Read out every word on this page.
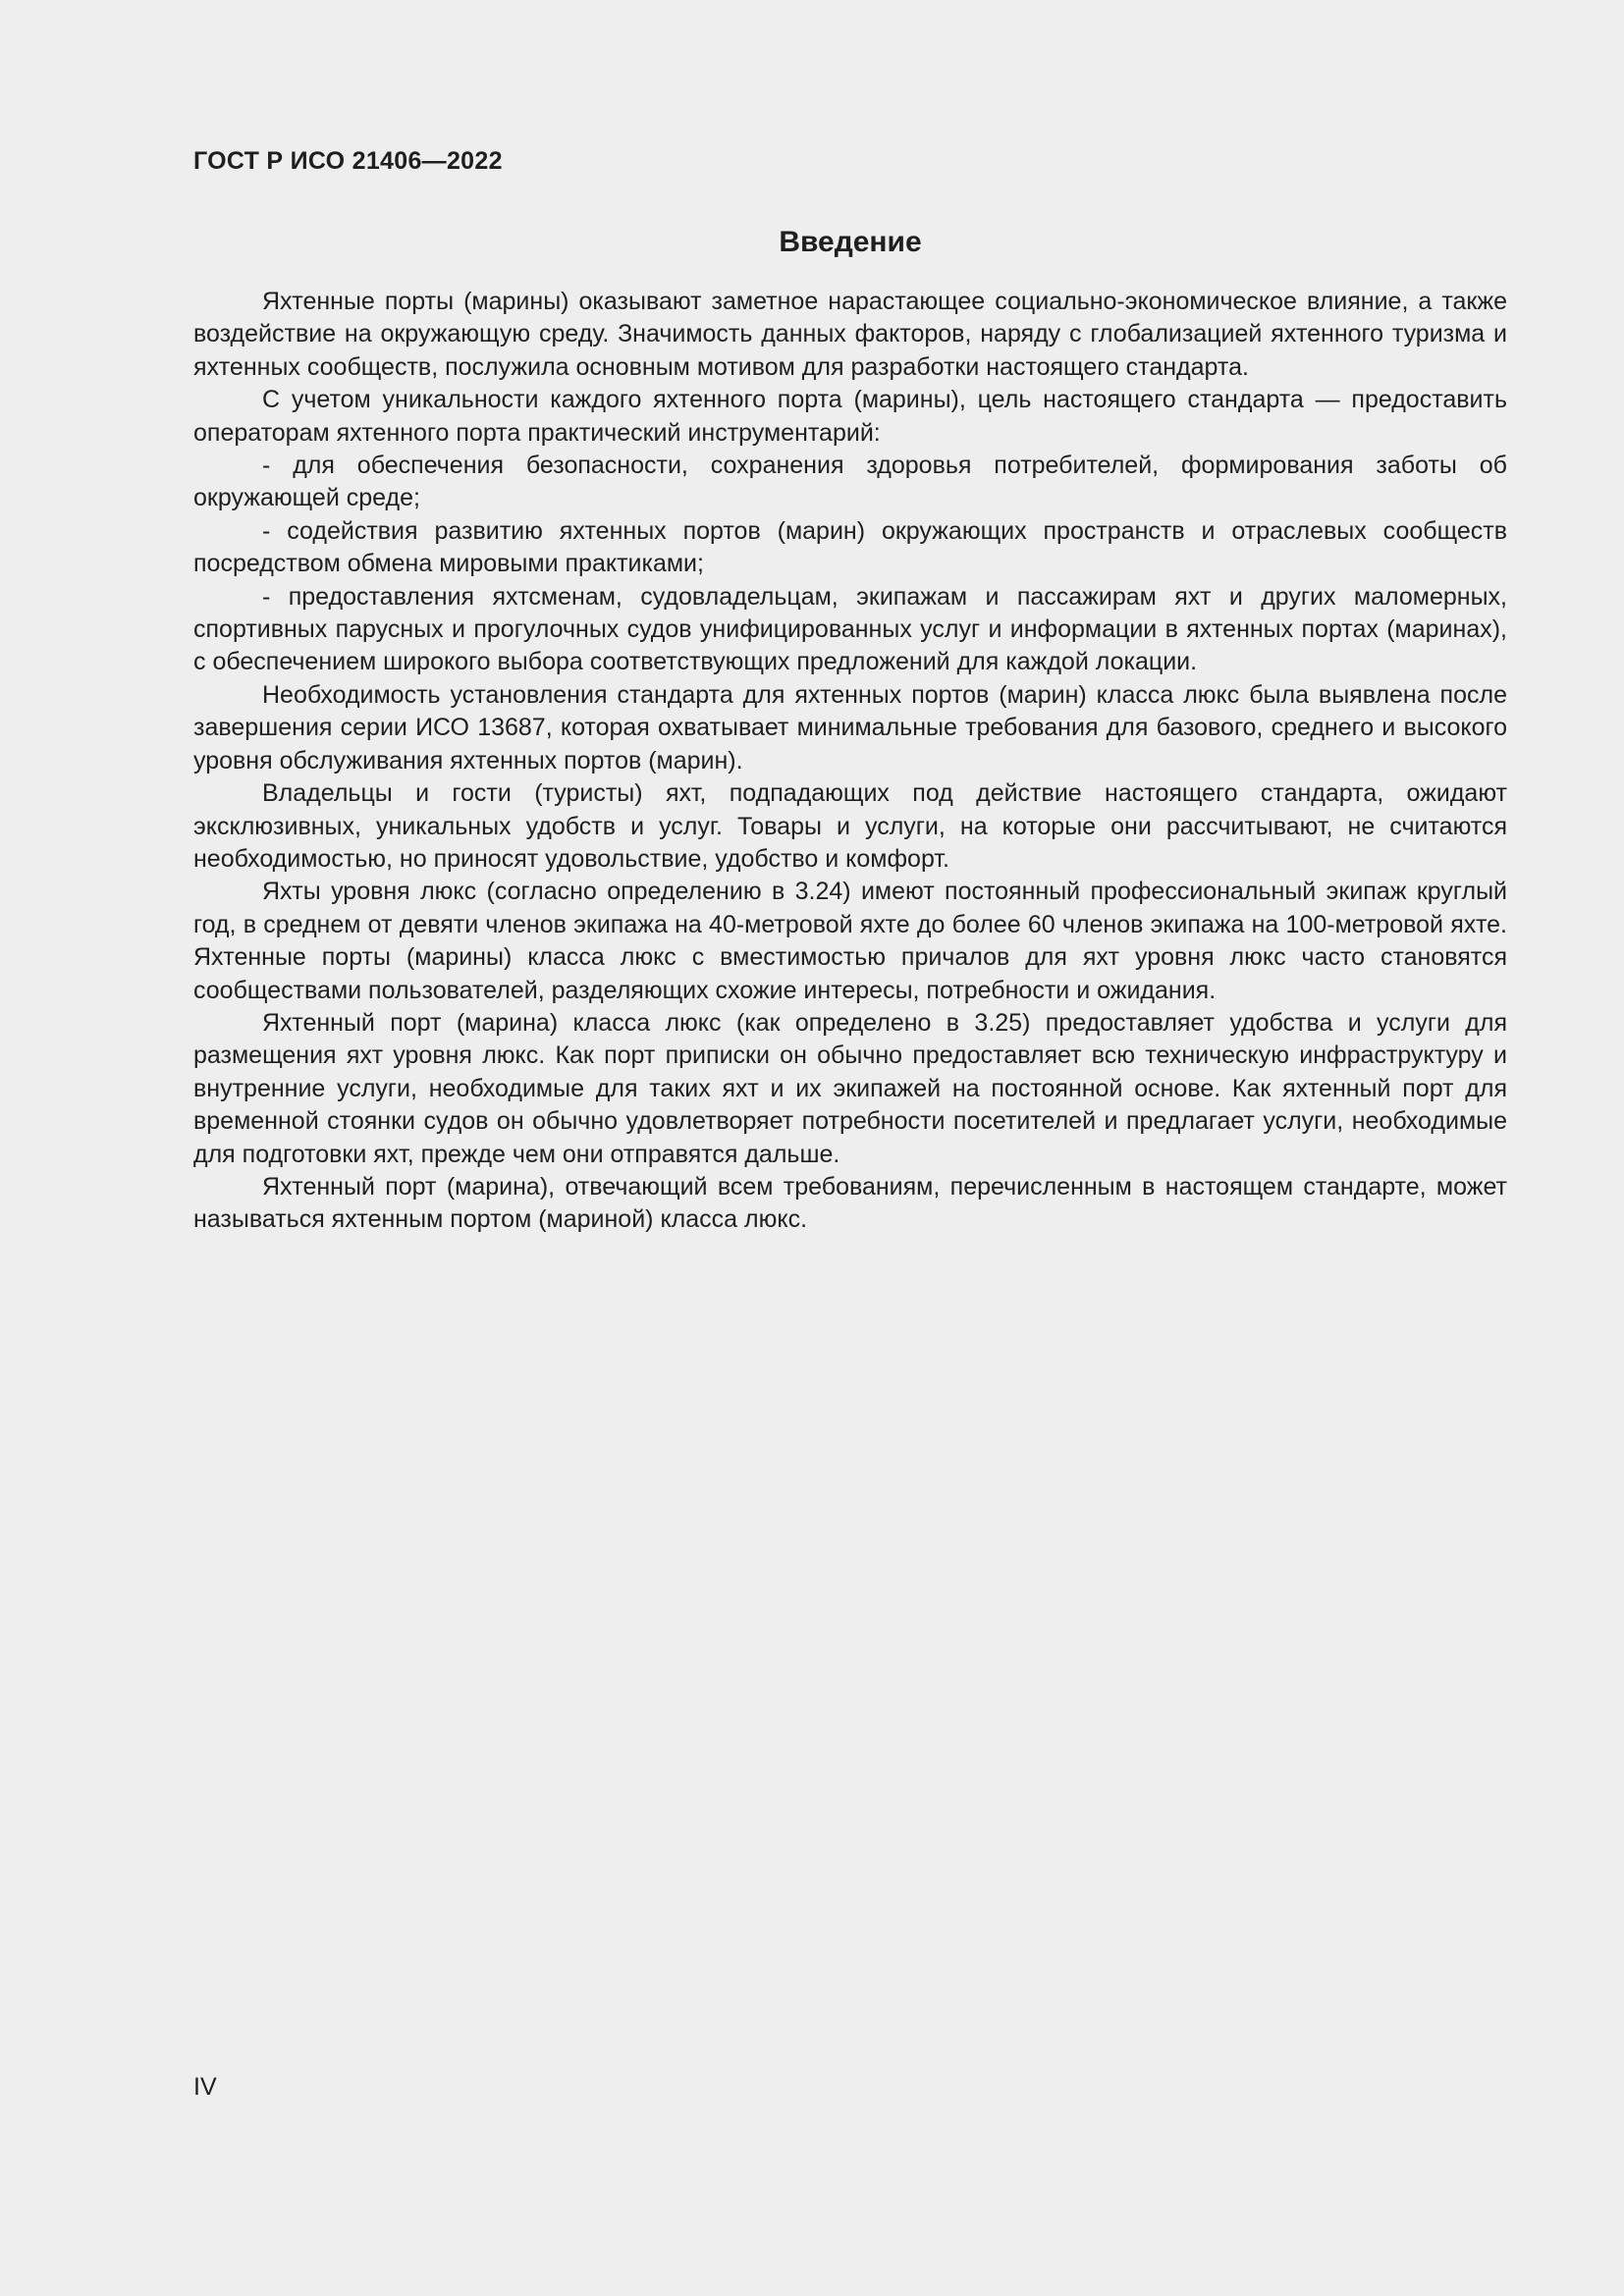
ГОСТ Р ИСО 21406—2022
Введение

Яхтенные порты (марины) оказывают заметное нарастающее социально-экономическое влияние, а также воздействие на окружающую среду. Значимость данных факторов, наряду с глобализацией яхтенного туризма и яхтенных сообществ, послужила основным мотивом для разработки настоящего стандарта.

С учетом уникальности каждого яхтенного порта (марины), цель настоящего стандарта — предоставить операторам яхтенного порта практический инструментарий:

- для обеспечения безопасности, сохранения здоровья потребителей, формирования заботы об окружающей среде;

- содействия развитию яхтенных портов (марин) окружающих пространств и отраслевых сообществ посредством обмена мировыми практиками;

- предоставления яхтсменам, судовладельцам, экипажам и пассажирам яхт и других маломерных, спортивных парусных и прогулочных судов унифицированных услуг и информации в яхтенных портах (маринах), с обеспечением широкого выбора соответствующих предложений для каждой локации.

Необходимость установления стандарта для яхтенных портов (марин) класса люкс была выявлена после завершения серии ИСО 13687, которая охватывает минимальные требования для базового, среднего и высокого уровня обслуживания яхтенных портов (марин).

Владельцы и гости (туристы) яхт, подпадающих под действие настоящего стандарта, ожидают эксклюзивных, уникальных удобств и услуг. Товары и услуги, на которые они рассчитывают, не считаются необходимостью, но приносят удовольствие, удобство и комфорт.

Яхты уровня люкс (согласно определению в 3.24) имеют постоянный профессиональный экипаж круглый год, в среднем от девяти членов экипажа на 40-метровой яхте до более 60 членов экипажа на 100-метровой яхте. Яхтенные порты (марины) класса люкс с вместимостью причалов для яхт уровня люкс часто становятся сообществами пользователей, разделяющих схожие интересы, потребности и ожидания.

Яхтенный порт (марина) класса люкс (как определено в 3.25) предоставляет удобства и услуги для размещения яхт уровня люкс. Как порт приписки он обычно предоставляет всю техническую инфраструктуру и внутренние услуги, необходимые для таких яхт и их экипажей на постоянной основе. Как яхтенный порт для временной стоянки судов он обычно удовлетворяет потребности посетителей и предлагает услуги, необходимые для подготовки яхт, прежде чем они отправятся дальше.

Яхтенный порт (марина), отвечающий всем требованиям, перечисленным в настоящем стандарте, может называться яхтенным портом (мариной) класса люкс.

IV
